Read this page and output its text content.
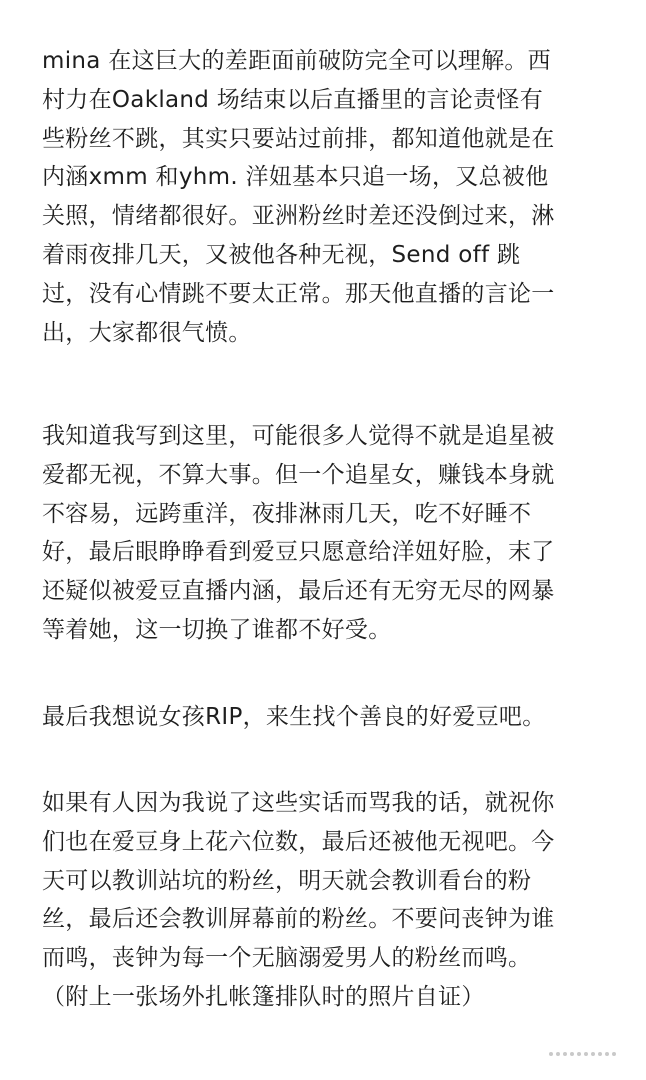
mina 在这巨大的差距面前破防完全可以理解。西
村力在Oakland 场结束以后直播里的言论责怪有
些粉丝不跳，其实只要站过前排，都知道他就是在
内涵xmm 和yhm. 洋妞基本只追一场，又总被他
关照，情绪都很好。亚洲粉丝时差还没倒过来，淋
着雨夜排几天，又被他各种无视，Send off 跳
过，没有心情跳不要太正常。那天他直播的言论一
出，大家都很气愤。

我知道我写到这里，可能很多人觉得不就是追星被
爱都无视，不算大事。但一个追星女，赚钱本身就
不容易，远跨重洋，夜排淋雨几天，吃不好睡不
好，最后眼睁睁看到爱豆只愿意给洋妞好脸，末了
还疑似被爱豆直播内涵，最后还有无穷无尽的网暴
等着她，这一切换了谁都不好受。

最后我想说女孩RIP，来生找个善良的好爱豆吧。

如果有人因为我说了这些实话而骂我的话，就祝你
们也在爱豆身上花六位数，最后还被他无视吧。今
天可以教训站坑的粉丝，明天就会教训看台的粉
丝，最后还会教训屏幕前的粉丝。不要问丧钟为谁
而鸣，丧钟为每一个无脑溺爱男人的粉丝而鸣。
（附上一张场外扎帐篷排队时的照片自证）
